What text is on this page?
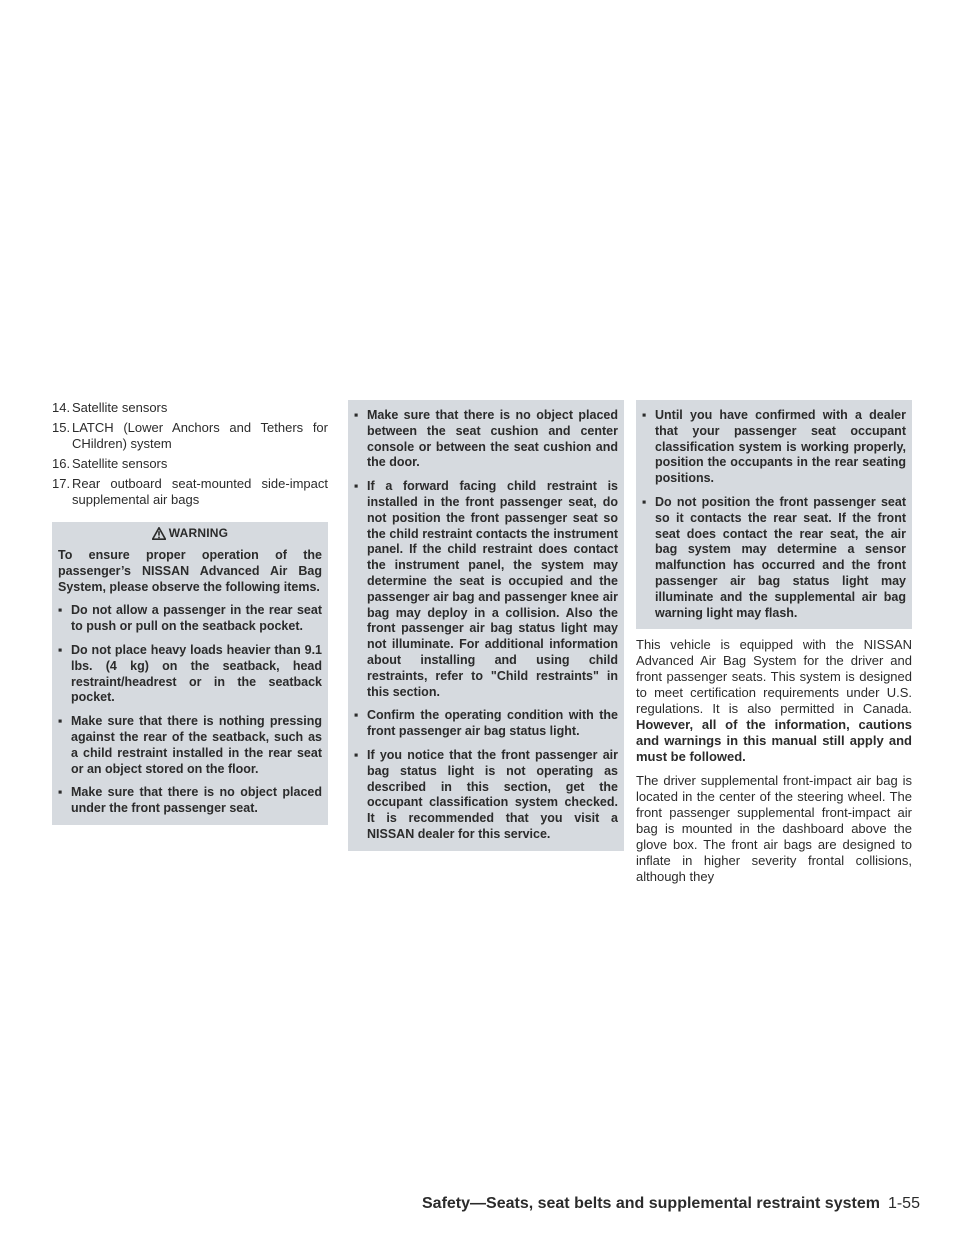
14. Satellite sensors
15. LATCH (Lower Anchors and Tethers for CHildren) system
16. Satellite sensors
17. Rear outboard seat-mounted side-impact supplemental air bags
WARNING

To ensure proper operation of the passenger’s NISSAN Advanced Air Bag System, please observe the following items.

▪ Do not allow a passenger in the rear seat to push or pull on the seatback pocket.
▪ Do not place heavy loads heavier than 9.1 lbs. (4 kg) on the seatback, head restraint/headrest or in the seatback pocket.
▪ Make sure that there is nothing pressing against the rear of the seatback, such as a child restraint installed in the rear seat or an object stored on the floor.
▪ Make sure that there is no object placed under the front passenger seat.
▪ Make sure that there is no object placed between the seat cushion and center console or between the seat cushion and the door.
▪ If a forward facing child restraint is installed in the front passenger seat, do not position the front passenger seat so the child restraint contacts the instrument panel. If the child restraint does contact the instrument panel, the system may determine the seat is occupied and the passenger air bag and passenger knee air bag may deploy in a collision. Also the front passenger air bag status light may not illuminate. For additional information about installing and using child restraints, refer to "Child restraints" in this section.
▪ Confirm the operating condition with the front passenger air bag status light.
▪ If you notice that the front passenger air bag status light is not operating as described in this section, get the occupant classification system checked. It is recommended that you visit a NISSAN dealer for this service.
▪ Until you have confirmed with a dealer that your passenger seat occupant classification system is working properly, position the occupants in the rear seating positions.
▪ Do not position the front passenger seat so it contacts the rear seat. If the front seat does contact the rear seat, the air bag system may determine a sensor malfunction has occurred and the front passenger air bag status light may illuminate and the supplemental air bag warning light may flash.

This vehicle is equipped with the NISSAN Advanced Air Bag System for the driver and front passenger seats. This system is designed to meet certification requirements under U.S. regulations. It is also permitted in Canada. However, all of the information, cautions and warnings in this manual still apply and must be followed.

The driver supplemental front-impact air bag is located in the center of the steering wheel. The front passenger supplemental front-impact air bag is mounted in the dashboard above the glove box. The front air bags are designed to inflate in higher severity frontal collisions, although they

Safety—Seats, seat belts and supplemental restraint system 1-55
